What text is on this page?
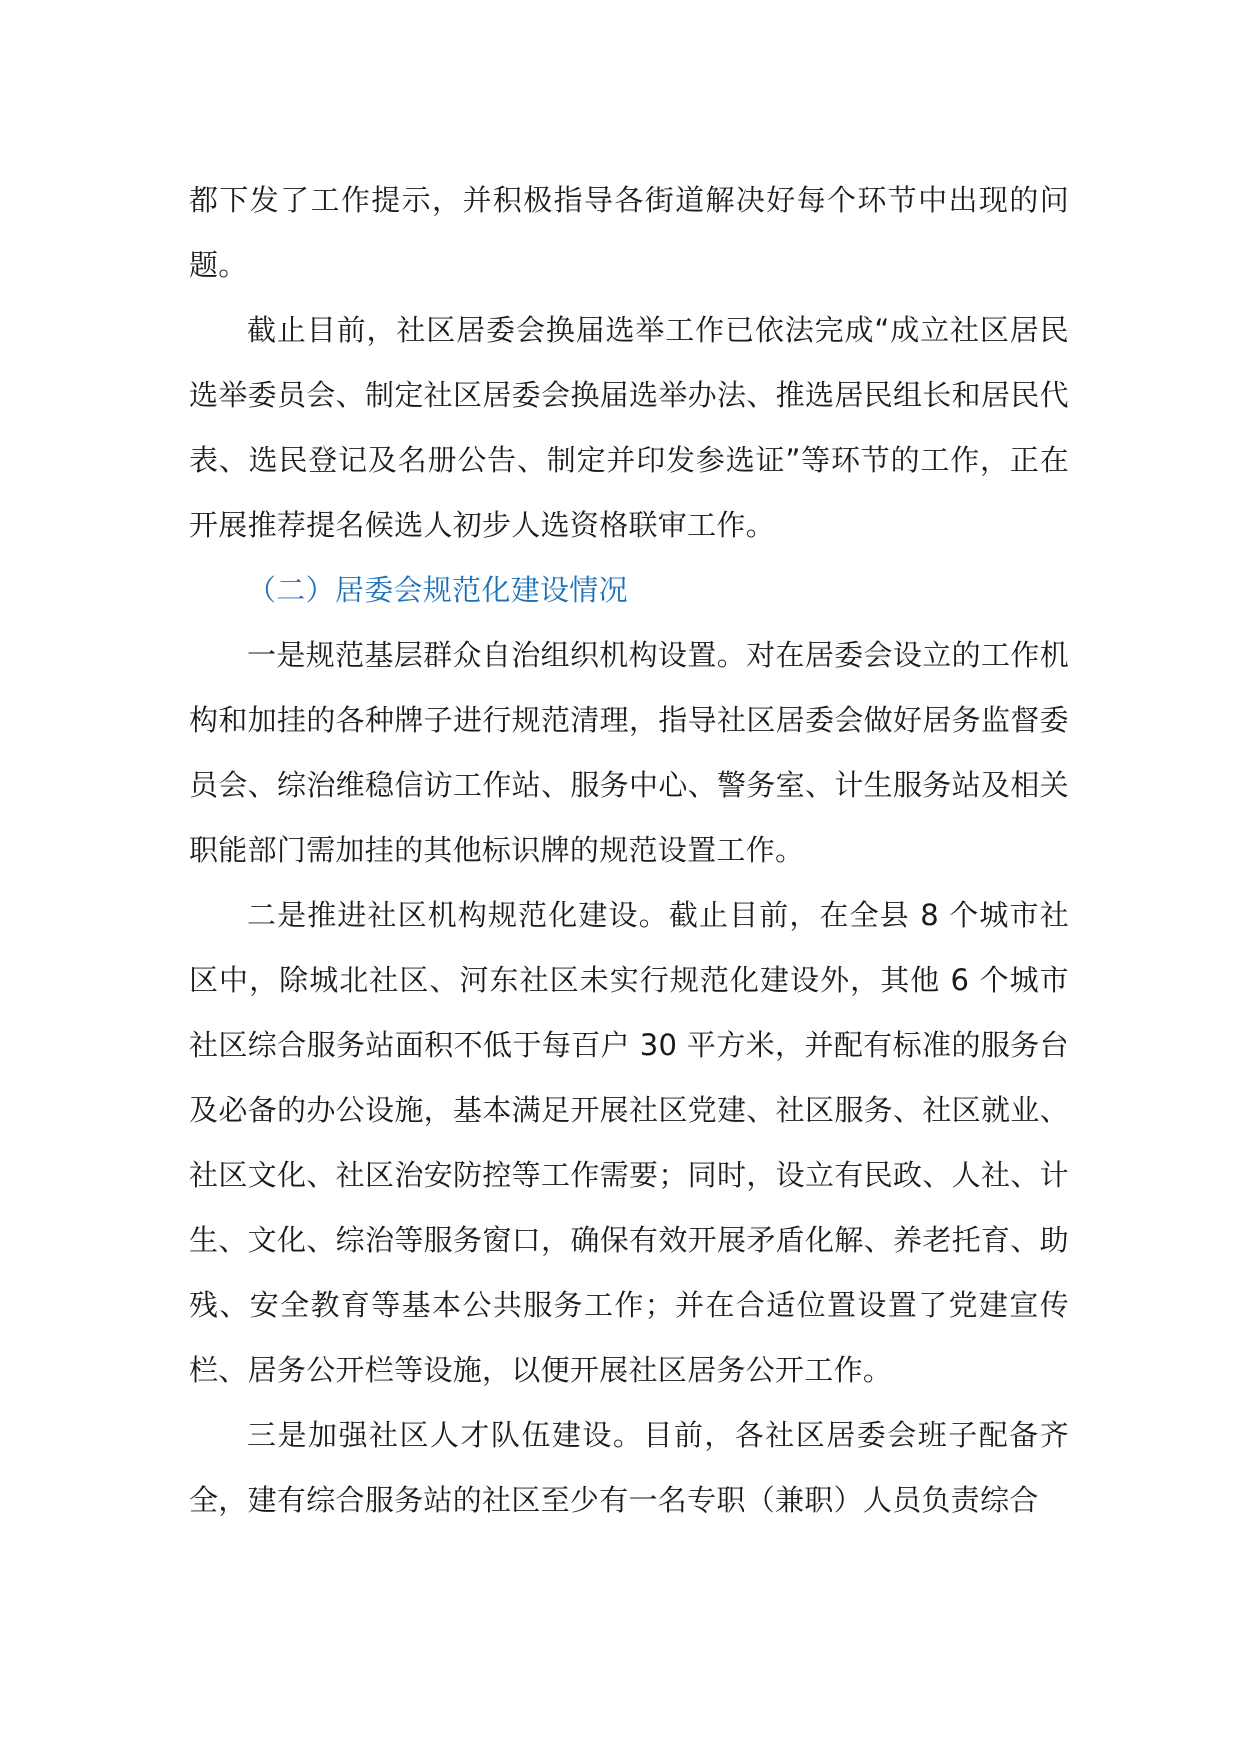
都下发了工作提示，并积极指导各街道解决好每个环节中出现的问题。

截止目前，社区居委会换届选举工作已依法完成“成立社区居民选举委员会、制定社区居委会换届选举办法、推选居民组长和居民代表、选民登记及名册公告、制定并印发参选证”等环节的工作，正在开展推荐提名候选人初步人选资格联审工作。

（二）居委会规范化建设情况

一是规范基层群众自治组织机构设置。对在居委会设立的工作机构和加挂的各种牌子进行规范清理，指导社区居委会做好居务监督委员会、综治维稳信访工作站、服务中心、警务室、计生服务站及相关职能部门需加挂的其他标识牌的规范设置工作。

二是推进社区机构规范化建设。截止目前，在全县 8 个城市社区中，除城北社区、河东社区未实行规范化建设外，其他 6 个城市社区综合服务站面积不低于每百户 30 平方米，并配有标准的服务台及必备的办公设施，基本满足开展社区党建、社区服务、社区就业、社区文化、社区治安防控等工作需要；同时，设立有民政、人社、计生、文化、综治等服务窗口，确保有效开展矛盾化解、养老托育、助残、安全教育等基本公共服务工作；并在合适位置设置了党建宣传栏、居务公开栏等设施，以便开展社区居务公开工作。

三是加强社区人才队伍建设。目前，各社区居委会班子配备齐全，建有综合服务站的社区至少有一名专职（兼职）人员负责综合
